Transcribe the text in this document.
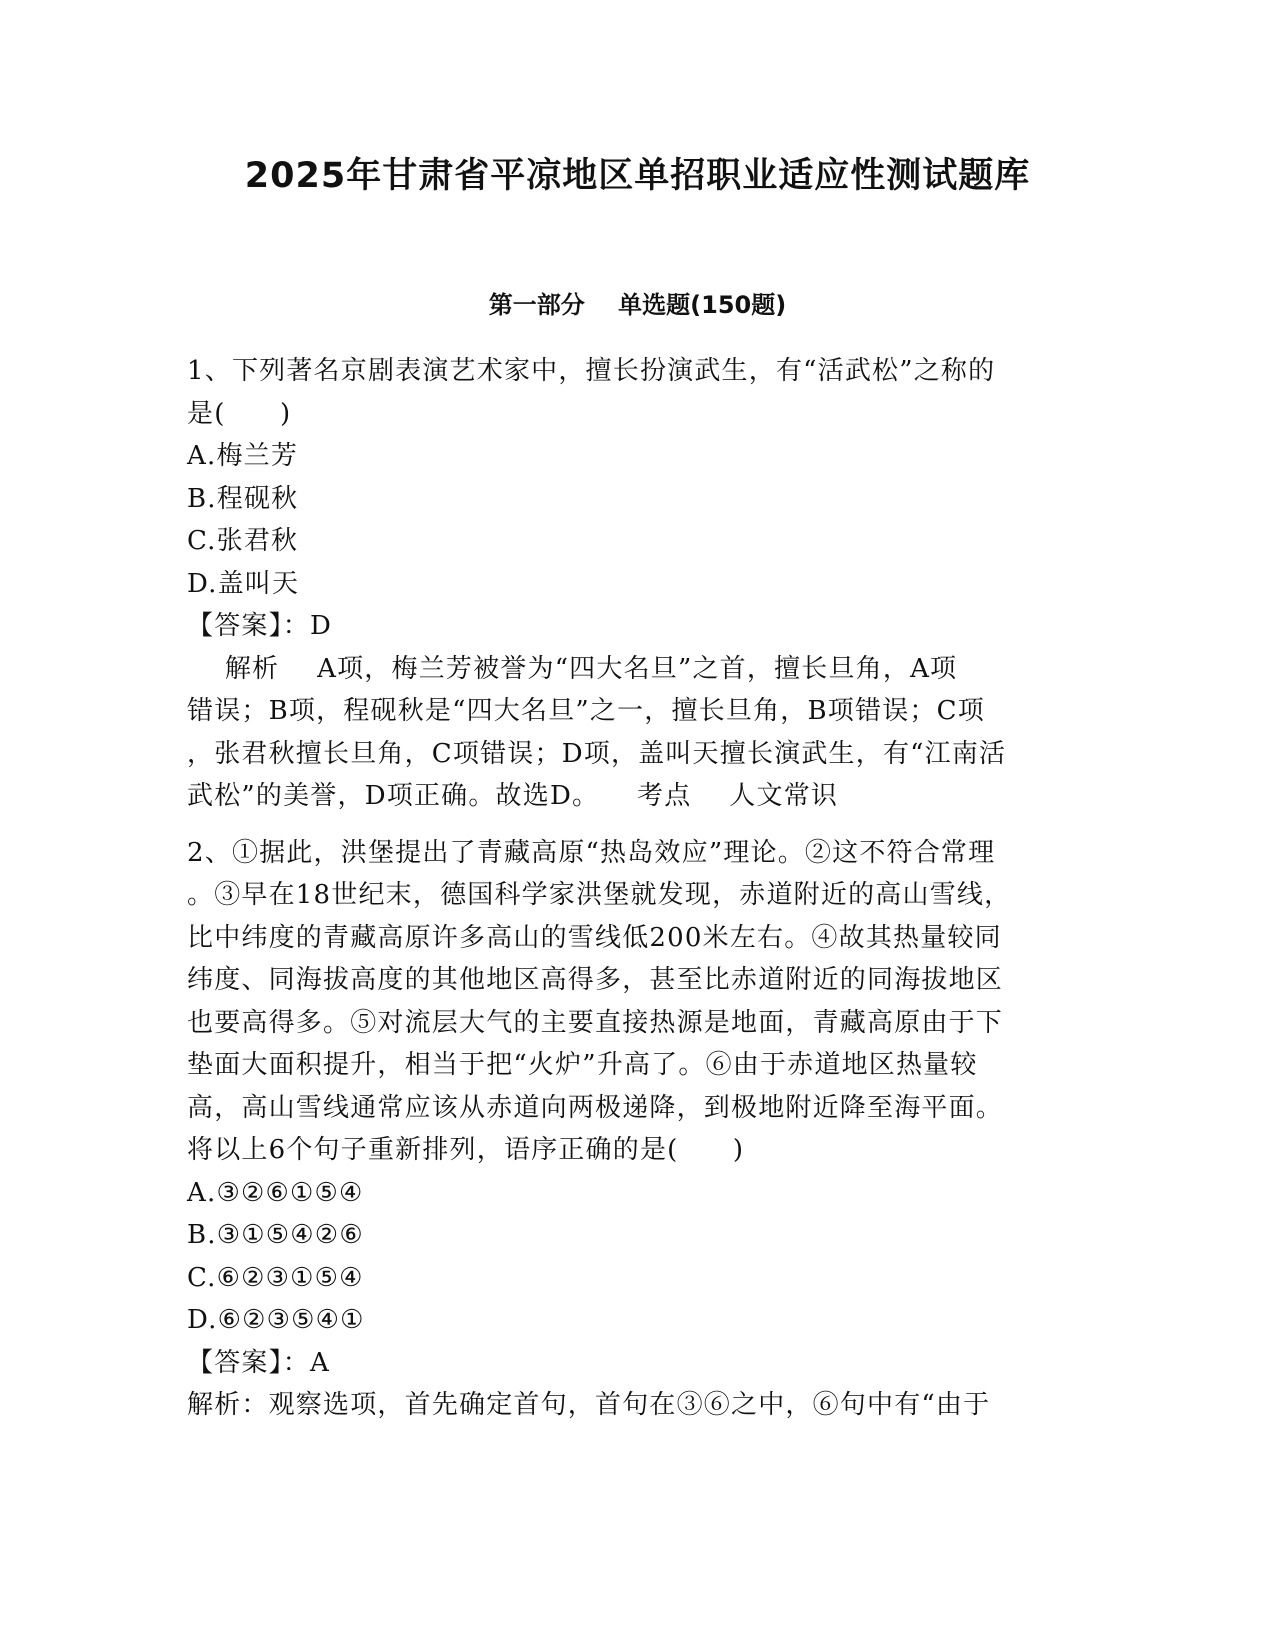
2025年甘肃省平凉地区单招职业适应性测试题库
第一部分    单选题(150题)
1、下列著名京剧表演艺术家中，擅长扮演武生，有“活武松”之称的
是(　　)
A.梅兰芳
B.程砚秋
C.张君秋
D.盖叫天
【答案】：D
解析    A项，梅兰芳被誉为“四大名旦”之首，擅长旦角，A项
错误；B项，程砚秋是“四大名旦”之一，擅长旦角，B项错误；C项
，张君秋擅长旦角，C项错误；D项，盖叫天擅长演武生，有“江南活
武松”的美誉，D项正确。故选D。    考点    人文常识
2、①据此，洪堡提出了青藏高原“热岛效应”理论。②这不符合常理
。③早在18世纪末，德国科学家洪堡就发现，赤道附近的高山雪线，
比中纬度的青藏高原许多高山的雪线低200米左右。④故其热量较同
纬度、同海拔高度的其他地区高得多，甚至比赤道附近的同海拔地区
也要高得多。⑤对流层大气的主要直接热源是地面，青藏高原由于下
垫面大面积提升，相当于把“火炉”升高了。⑥由于赤道地区热量较
高，高山雪线通常应该从赤道向两极递降，到极地附近降至海平面。
将以上6个句子重新排列，语序正确的是(　　)
A.③②⑥①⑤④
B.③①⑤④②⑥
C.⑥②③①⑤④
D.⑥②③⑤④①
【答案】：A
解析：观察选项，首先确定首句，首句在③⑥之中，⑥句中有“由于
